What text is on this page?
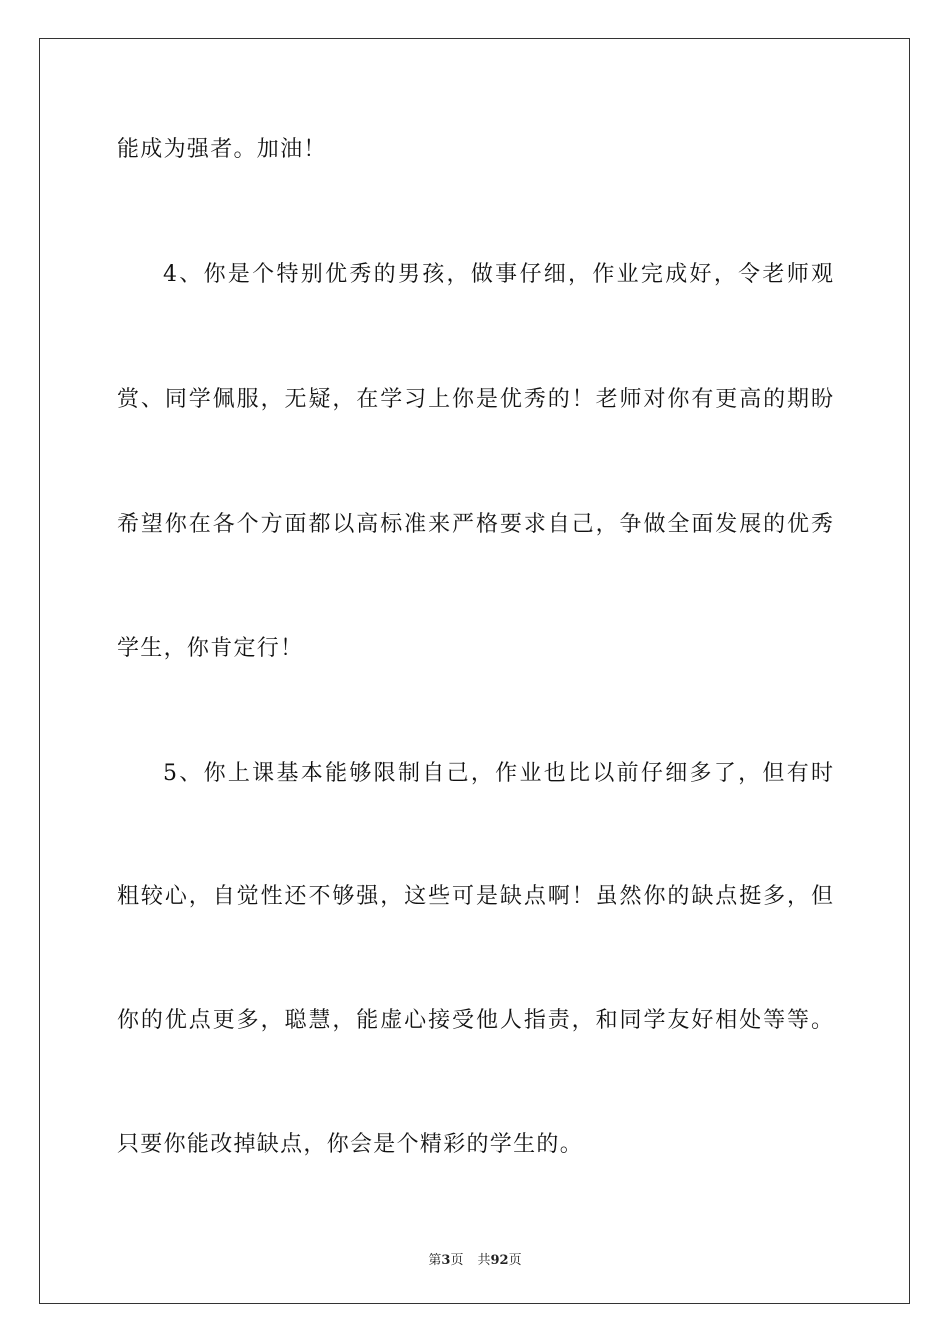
能成为强者。加油！
4、你是个特别优秀的男孩，做事仔细，作业完成好，令老师观
赏、同学佩服，无疑，在学习上你是优秀的！老师对你有更高的期盼
希望你在各个方面都以高标准来严格要求自己，争做全面发展的优秀
学生，你肯定行！
5、你上课基本能够限制自己，作业也比以前仔细多了，但有时
粗较心，自觉性还不够强，这些可是缺点啊！虽然你的缺点挺多，但
你的优点更多，聪慧，能虚心接受他人指责，和同学友好相处等等。
只要你能改掉缺点，你会是个精彩的学生的。
第3页 共92页
